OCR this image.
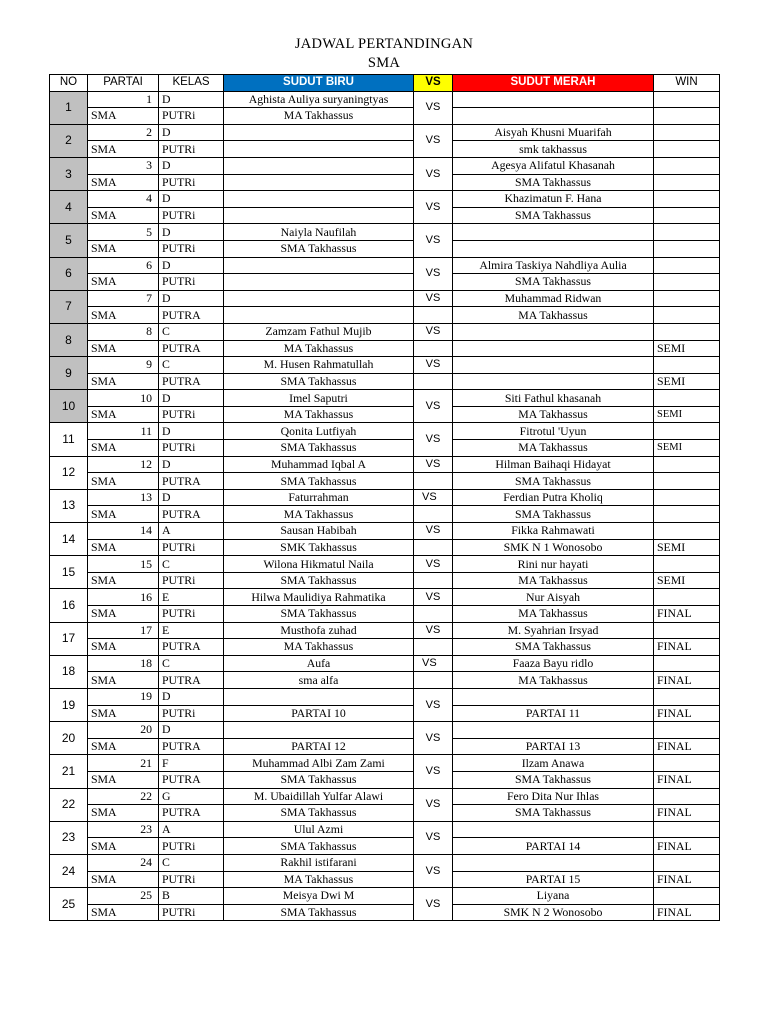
JADWAL PERTANDINGAN
SMA
NO	PARTAI	KELAS	SUDUT BIRU	VS	SUDUT MERAH	WIN
1	1	D	Aghista Auliya suryaningtyas	VS		
	SMA	PUTRi	MA Takhassus			
2	2	D		VS	Aisyah Khusni Muarifah	
	SMA	PUTRi			smk takhassus	
3	3	D		VS	Agesya Alifatul Khasanah	
	SMA	PUTRi			SMA Takhassus	
4	4	D		VS	Khazimatun F. Hana	
	SMA	PUTRi			SMA Takhassus	
5	5	D	Naiyla Naufilah	VS		
	SMA	PUTRi	SMA Takhassus			
6	6	D		VS	Almira Taskiya Nahdliya Aulia	
	SMA	PUTRi			SMA Takhassus	
7	7	D		VS	Muhammad Ridwan	
	SMA	PUTRA			MA Takhassus	
8	8	C	Zamzam Fathul Mujib	VS		
	SMA	PUTRA	MA Takhassus			SEMI
9	9	C	M. Husen Rahmatullah	VS		
	SMA	PUTRA	SMA Takhassus			SEMI
10	10	D	Imel Saputri	VS	Siti Fathul khasanah	
	SMA	PUTRi	MA Takhassus		MA Takhassus	SEMI
11	11	D	Qonita Lutfiyah	VS	Fitrotul 'Uyun	
	SMA	PUTRi	SMA Takhassus		MA Takhassus	SEMI
12	12	D	Muhammad Iqbal A	VS	Hilman Baihaqi Hidayat	
	SMA	PUTRA	SMA Takhassus		SMA Takhassus	
13	13	D	Faturrahman	VS	Ferdian Putra Kholiq	
	SMA	PUTRA	MA Takhassus		SMA Takhassus	
14	14	A	Sausan Habibah	VS	Fikka Rahmawati	
	SMA	PUTRi	SMK Takhassus		SMK N 1 Wonosobo	SEMI
15	15	C	Wilona Hikmatul Naila	VS	Rini nur hayati	
	SMA	PUTRi	SMA Takhassus		MA Takhassus	SEMI
16	16	E	Hilwa Maulidiya Rahmatika	VS	Nur Aisyah	
	SMA	PUTRi	SMA Takhassus		MA Takhassus	FINAL
17	17	E	Musthofa zuhad	VS	M. Syahrian Irsyad	
	SMA	PUTRA	MA Takhassus		SMA Takhassus	FINAL
18	18	C	Aufa	VS	Faaza Bayu ridlo	
	SMA	PUTRA	sma alfa		MA Takhassus	FINAL
19	19	D		VS		
	SMA	PUTRi	PARTAI 10		PARTAI 11	FINAL
20	20	D		VS		
	SMA	PUTRA	PARTAI 12		PARTAI 13	FINAL
21	21	F	Muhammad Albi Zam Zami	VS	Ilzam Anawa	
	SMA	PUTRA	SMA Takhassus		SMA Takhassus	FINAL
22	22	G	M. Ubaidillah Yulfar Alawi	VS	Fero Dita Nur Ihlas	
	SMA	PUTRA	SMA Takhassus		SMA Takhassus	FINAL
23	23	A	Ulul Azmi	VS		
	SMA	PUTRi	SMA Takhassus		PARTAI 14	FINAL
24	24	C	Rakhil istifarani	VS		
	SMA	PUTRi	MA Takhassus		PARTAI 15	FINAL
25	25	B	Meisya Dwi M	VS	Liyana	
	SMA	PUTRi	SMA Takhassus		SMK N 2 Wonosobo	FINAL
